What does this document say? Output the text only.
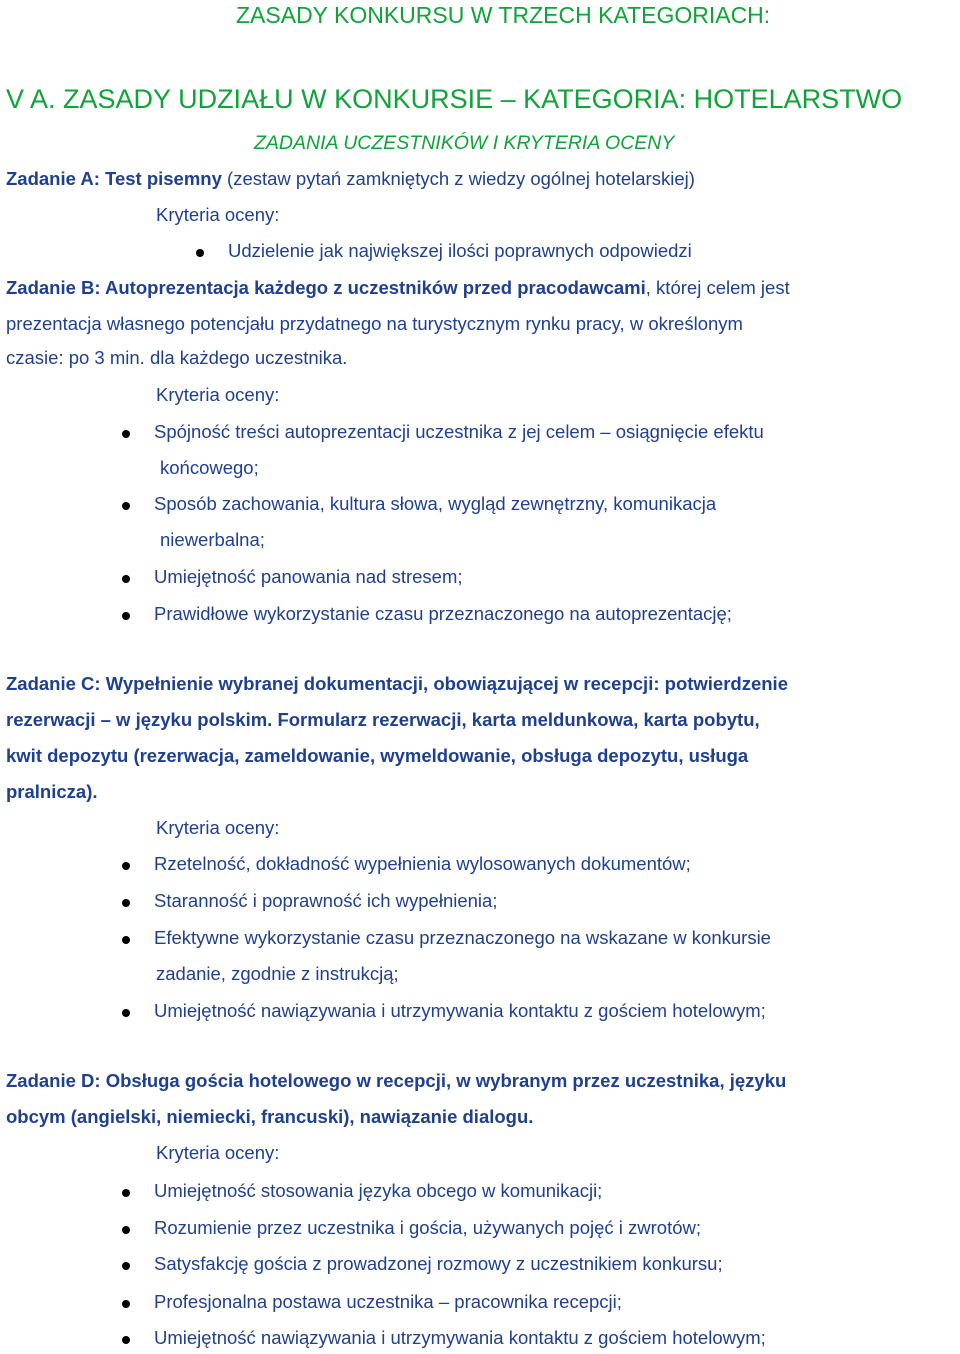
ZASADY KONKURSU W TRZECH KATEGORIACH:
V A. ZASADY UDZIAŁU W KONKURSIE – KATEGORIA: HOTELARSTWO
ZADANIA UCZESTNIKÓW I KRYTERIA OCENY
Zadanie A: Test pisemny (zestaw pytań zamkniętych z wiedzy ogólnej hotelarskiej)
Kryteria oceny:
Udzielenie jak największej ilości poprawnych odpowiedzi
Zadanie B: Autoprezentacja każdego z uczestników przed pracodawcami, której celem jest
prezentacja własnego potencjału przydatnego na turystycznym rynku pracy, w określonym
czasie: po 3 min. dla każdego uczestnika.
Kryteria oceny:
Spójność treści autoprezentacji uczestnika z jej celem – osiągnięcie efektu
końcowego;
Sposób zachowania, kultura słowa, wygląd zewnętrzny, komunikacja
niewerbalna;
Umiejętność panowania nad stresem;
Prawidłowe wykorzystanie czasu przeznaczonego na autoprezentację;
Zadanie C: Wypełnienie wybranej dokumentacji, obowiązującej w recepcji: potwierdzenie
rezerwacji – w języku polskim. Formularz rezerwacji, karta meldunkowa, karta pobytu,
kwit depozytu (rezerwacja, zameldowanie, wymeldowanie, obsługa depozytu, usługa
pralnicza).
Kryteria oceny:
Rzetelność, dokładność wypełnienia wylosowanych dokumentów;
Staranność i poprawność ich wypełnienia;
Efektywne wykorzystanie czasu przeznaczonego na wskazane w konkursie
zadanie, zgodnie z instrukcją;
Umiejętność nawiązywania i utrzymywania kontaktu z gościem hotelowym;
Zadanie D: Obsługa gościa hotelowego w recepcji, w wybranym przez uczestnika, języku
obcym (angielski, niemiecki, francuski), nawiązanie dialogu.
Kryteria oceny:
Umiejętność stosowania języka obcego w komunikacji;
Rozumienie przez uczestnika i gościa, używanych pojęć i zwrotów;
Satysfakcję gościa z prowadzonej rozmowy z uczestnikiem konkursu;
Profesjonalna postawa uczestnika – pracownika recepcji;
Umiejętność nawiązywania i utrzymywania kontaktu z gościem hotelowym;
